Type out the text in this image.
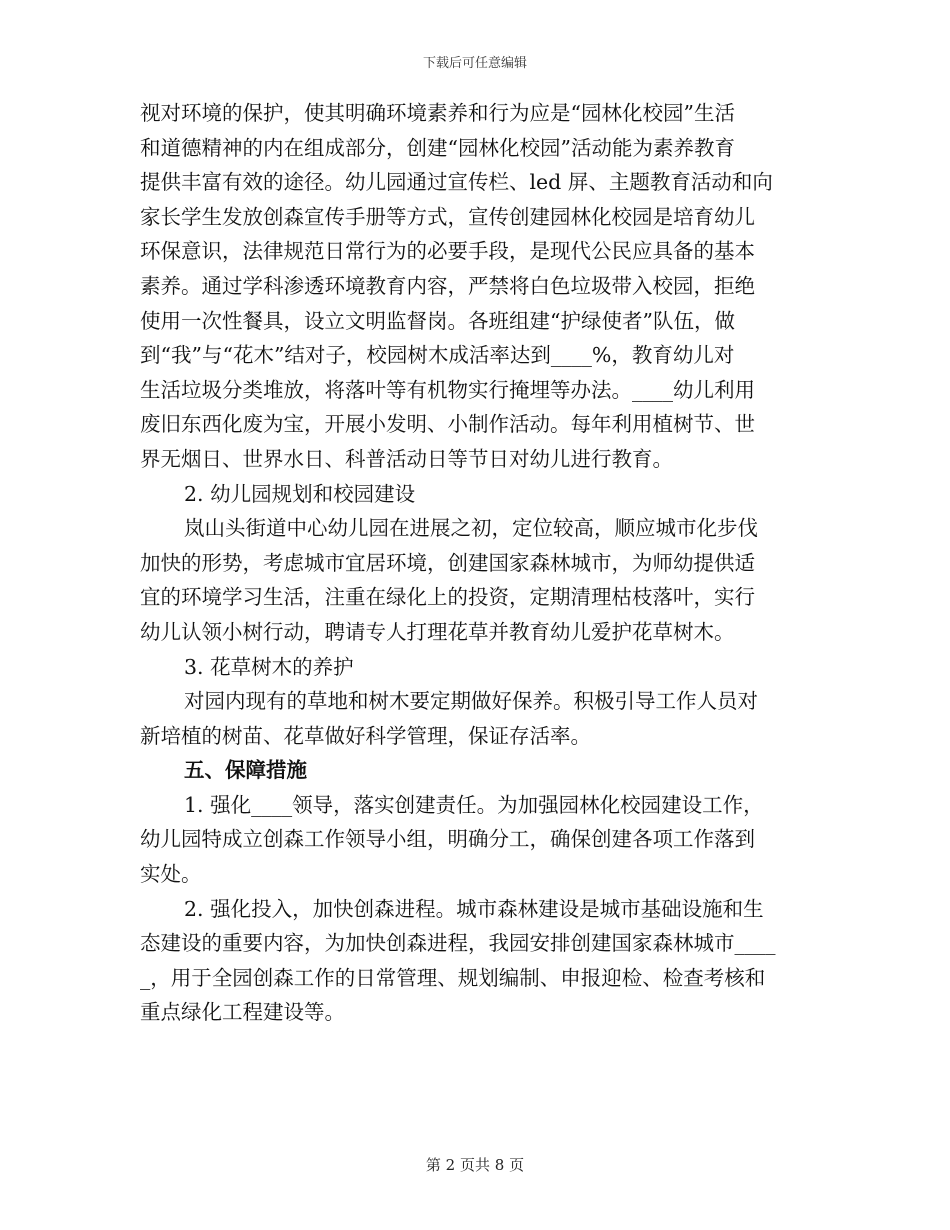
下载后可任意编辑
视对环境的保护，使其明确环境素养和行为应是“园林化校园”生活
和道德精神的内在组成部分，创建“园林化校园”活动能为素养教育
提供丰富有效的途径。幼儿园通过宣传栏、led 屏、主题教育活动和向
家长学生发放创森宣传手册等方式，宣传创建园林化校园是培育幼儿
环保意识，法律规范日常行为的必要手段，是现代公民应具备的基本
素养。通过学科渗透环境教育内容，严禁将白色垃圾带入校园，拒绝
使用一次性餐具，设立文明监督岗。各班组建“护绿使者”队伍，做
到“我”与“花木”结对子，校园树木成活率达到____%，教育幼儿对
生活垃圾分类堆放，将落叶等有机物实行掩埋等办法。____幼儿利用
废旧东西化废为宝，开展小发明、小制作活动。每年利用植树节、世
界无烟日、世界水日、科普活动日等节日对幼儿进行教育。
2. 幼儿园规划和校园建设
岚山头街道中心幼儿园在进展之初，定位较高，顺应城市化步伐
加快的形势，考虑城市宜居环境，创建国家森林城市，为师幼提供适
宜的环境学习生活，注重在绿化上的投资，定期清理枯枝落叶，实行
幼儿认领小树行动，聘请专人打理花草并教育幼儿爱护花草树木。
3. 花草树木的养护
对园内现有的草地和树木要定期做好保养。积极引导工作人员对
新培植的树苗、花草做好科学管理，保证存活率。
五、保障措施
1. 强化____领导，落实创建责任。为加强园林化校园建设工作，
幼儿园特成立创森工作领导小组，明确分工，确保创建各项工作落到
实处。
2. 强化投入，加快创森进程。城市森林建设是城市基础设施和生
态建设的重要内容，为加快创森进程，我园安排创建国家森林城市____
_，用于全园创森工作的日常管理、规划编制、申报迎检、检查考核和
重点绿化工程建设等。
第 2 页共 8 页
